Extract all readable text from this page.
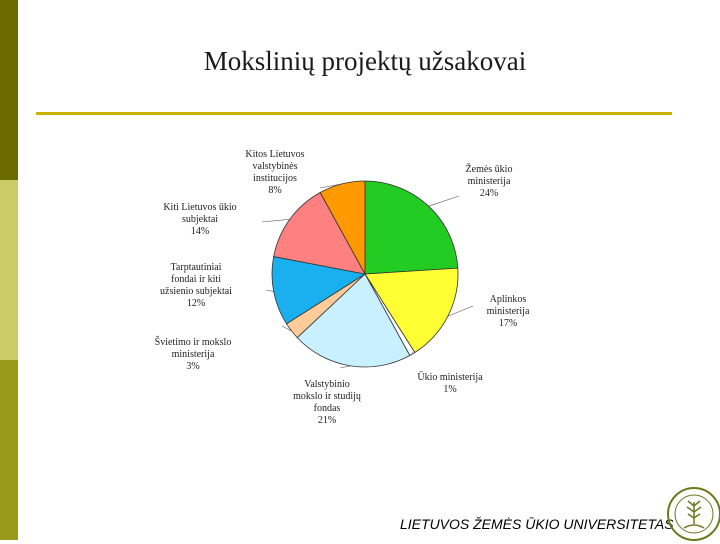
Mokslinių projektų užsakovai
Žemės ūkio ministerija 24%
Aplinkos ministerija 17%
Ūkio ministerija 1%
Valstybinio mokslo ir studijų fondas 21%
Švietimo ir mokslo ministerija 3%
Tarptautiniai fondai ir kiti užsienio subjektai 12%
Kiti Lietuvos ūkio subjektai 14%
Kitos Lietuvos valstybinės institucijos 8%
LIETUVOS ŽEMĖS ŪKIO UNIVERSITETAS
